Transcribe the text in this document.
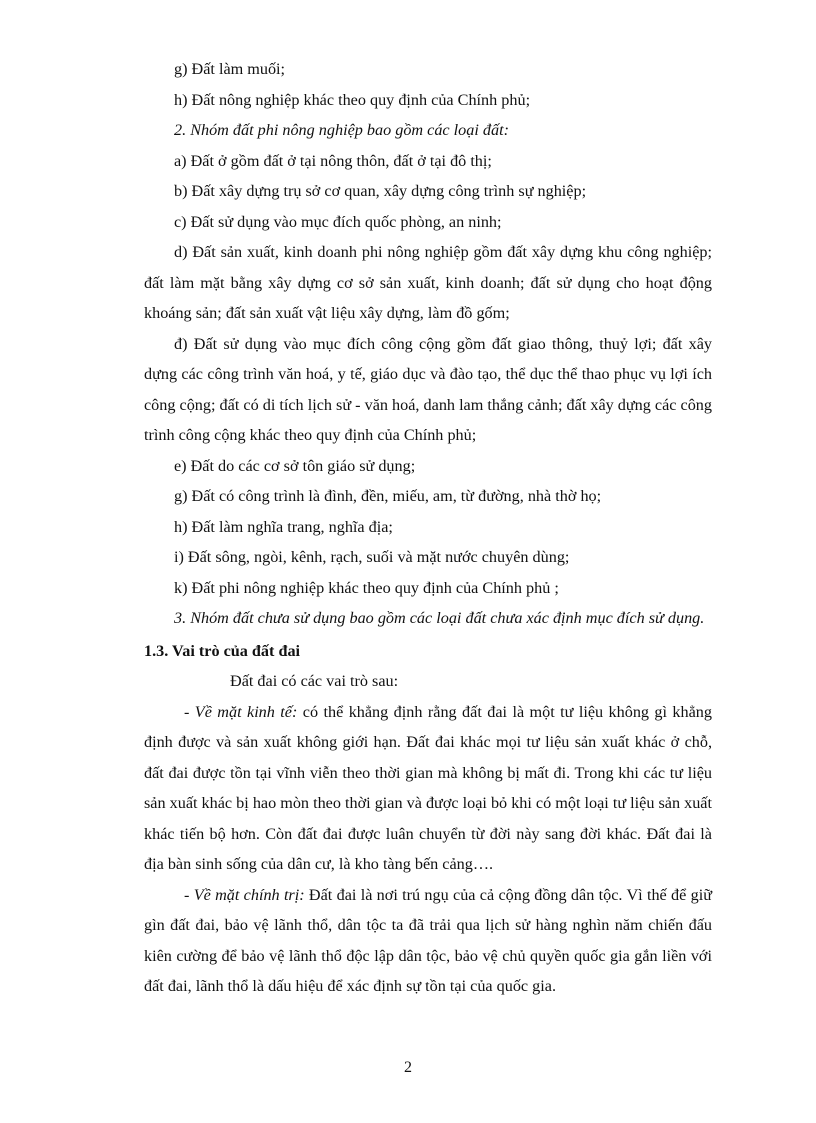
g) Đất làm muối;

h) Đất nông nghiệp khác theo quy định của Chính phủ;

2. Nhóm đất phi nông nghiệp bao gồm các loại đất:

a) Đất ở gồm đất ở tại nông thôn, đất ở tại đô thị;

b) Đất xây dựng trụ sở cơ quan, xây dựng công trình sự nghiệp;

c) Đất sử dụng vào mục đích quốc phòng, an ninh;

d) Đất sản xuất, kinh doanh phi nông nghiệp gồm đất xây dựng khu công nghiệp; đất làm mặt bằng xây dựng cơ sở sản xuất, kinh doanh; đất sử dụng cho hoạt động khoáng sản; đất sản xuất vật liệu xây dựng, làm đồ gốm;

đ) Đất sử dụng vào mục đích công cộng gồm đất giao thông, thuỷ lợi; đất xây dựng các công trình văn hoá, y tế, giáo dục và đào tạo, thể dục thể thao phục vụ lợi ích công cộng; đất có di tích lịch sử - văn hoá, danh lam thắng cảnh; đất xây dựng các công trình công cộng khác theo quy định của Chính phủ;

e) Đất do các cơ sở tôn giáo sử dụng;

g) Đất có công trình là đình, đền, miếu, am, từ đường, nhà thờ họ;

h) Đất làm nghĩa trang, nghĩa địa;

i) Đất sông, ngòi, kênh, rạch, suối và mặt nước chuyên dùng;

k) Đất phi nông nghiệp khác theo quy định của Chính phủ ;

3. Nhóm đất chưa sử dụng bao gồm các loại đất chưa xác định mục đích sử dụng.

1.3. Vai trò của đất đai

Đất đai có các vai trò sau:

- Về mặt kinh tế: có thể khẳng định rằng đất đai là một tư liệu không gì khẳng định được và sản xuất không giới hạn. Đất đai khác mọi tư liệu sản xuất khác ở chỗ, đất đai được tồn tại vĩnh viễn theo thời gian mà không bị mất đi. Trong khi các tư liệu sản xuất khác bị hao mòn theo thời gian và được loại bỏ khi có một loại tư liệu sản xuất khác tiến bộ hơn. Còn đất đai được luân chuyển từ đời này sang đời khác. Đất đai là địa bàn sinh sống của dân cư, là kho tàng bến cảng….

- Về mặt chính trị: Đất đai là nơi trú ngụ của cả cộng đồng dân tộc. Vì thế để giữ gìn đất đai, bảo vệ lãnh thổ, dân tộc ta đã trải qua lịch sử hàng nghìn năm chiến đấu kiên cường để bảo vệ lãnh thổ độc lập dân tộc, bảo vệ chủ quyền quốc gia gắn liền với đất đai, lãnh thổ là dấu hiệu để xác định sự tồn tại của quốc gia.

2
